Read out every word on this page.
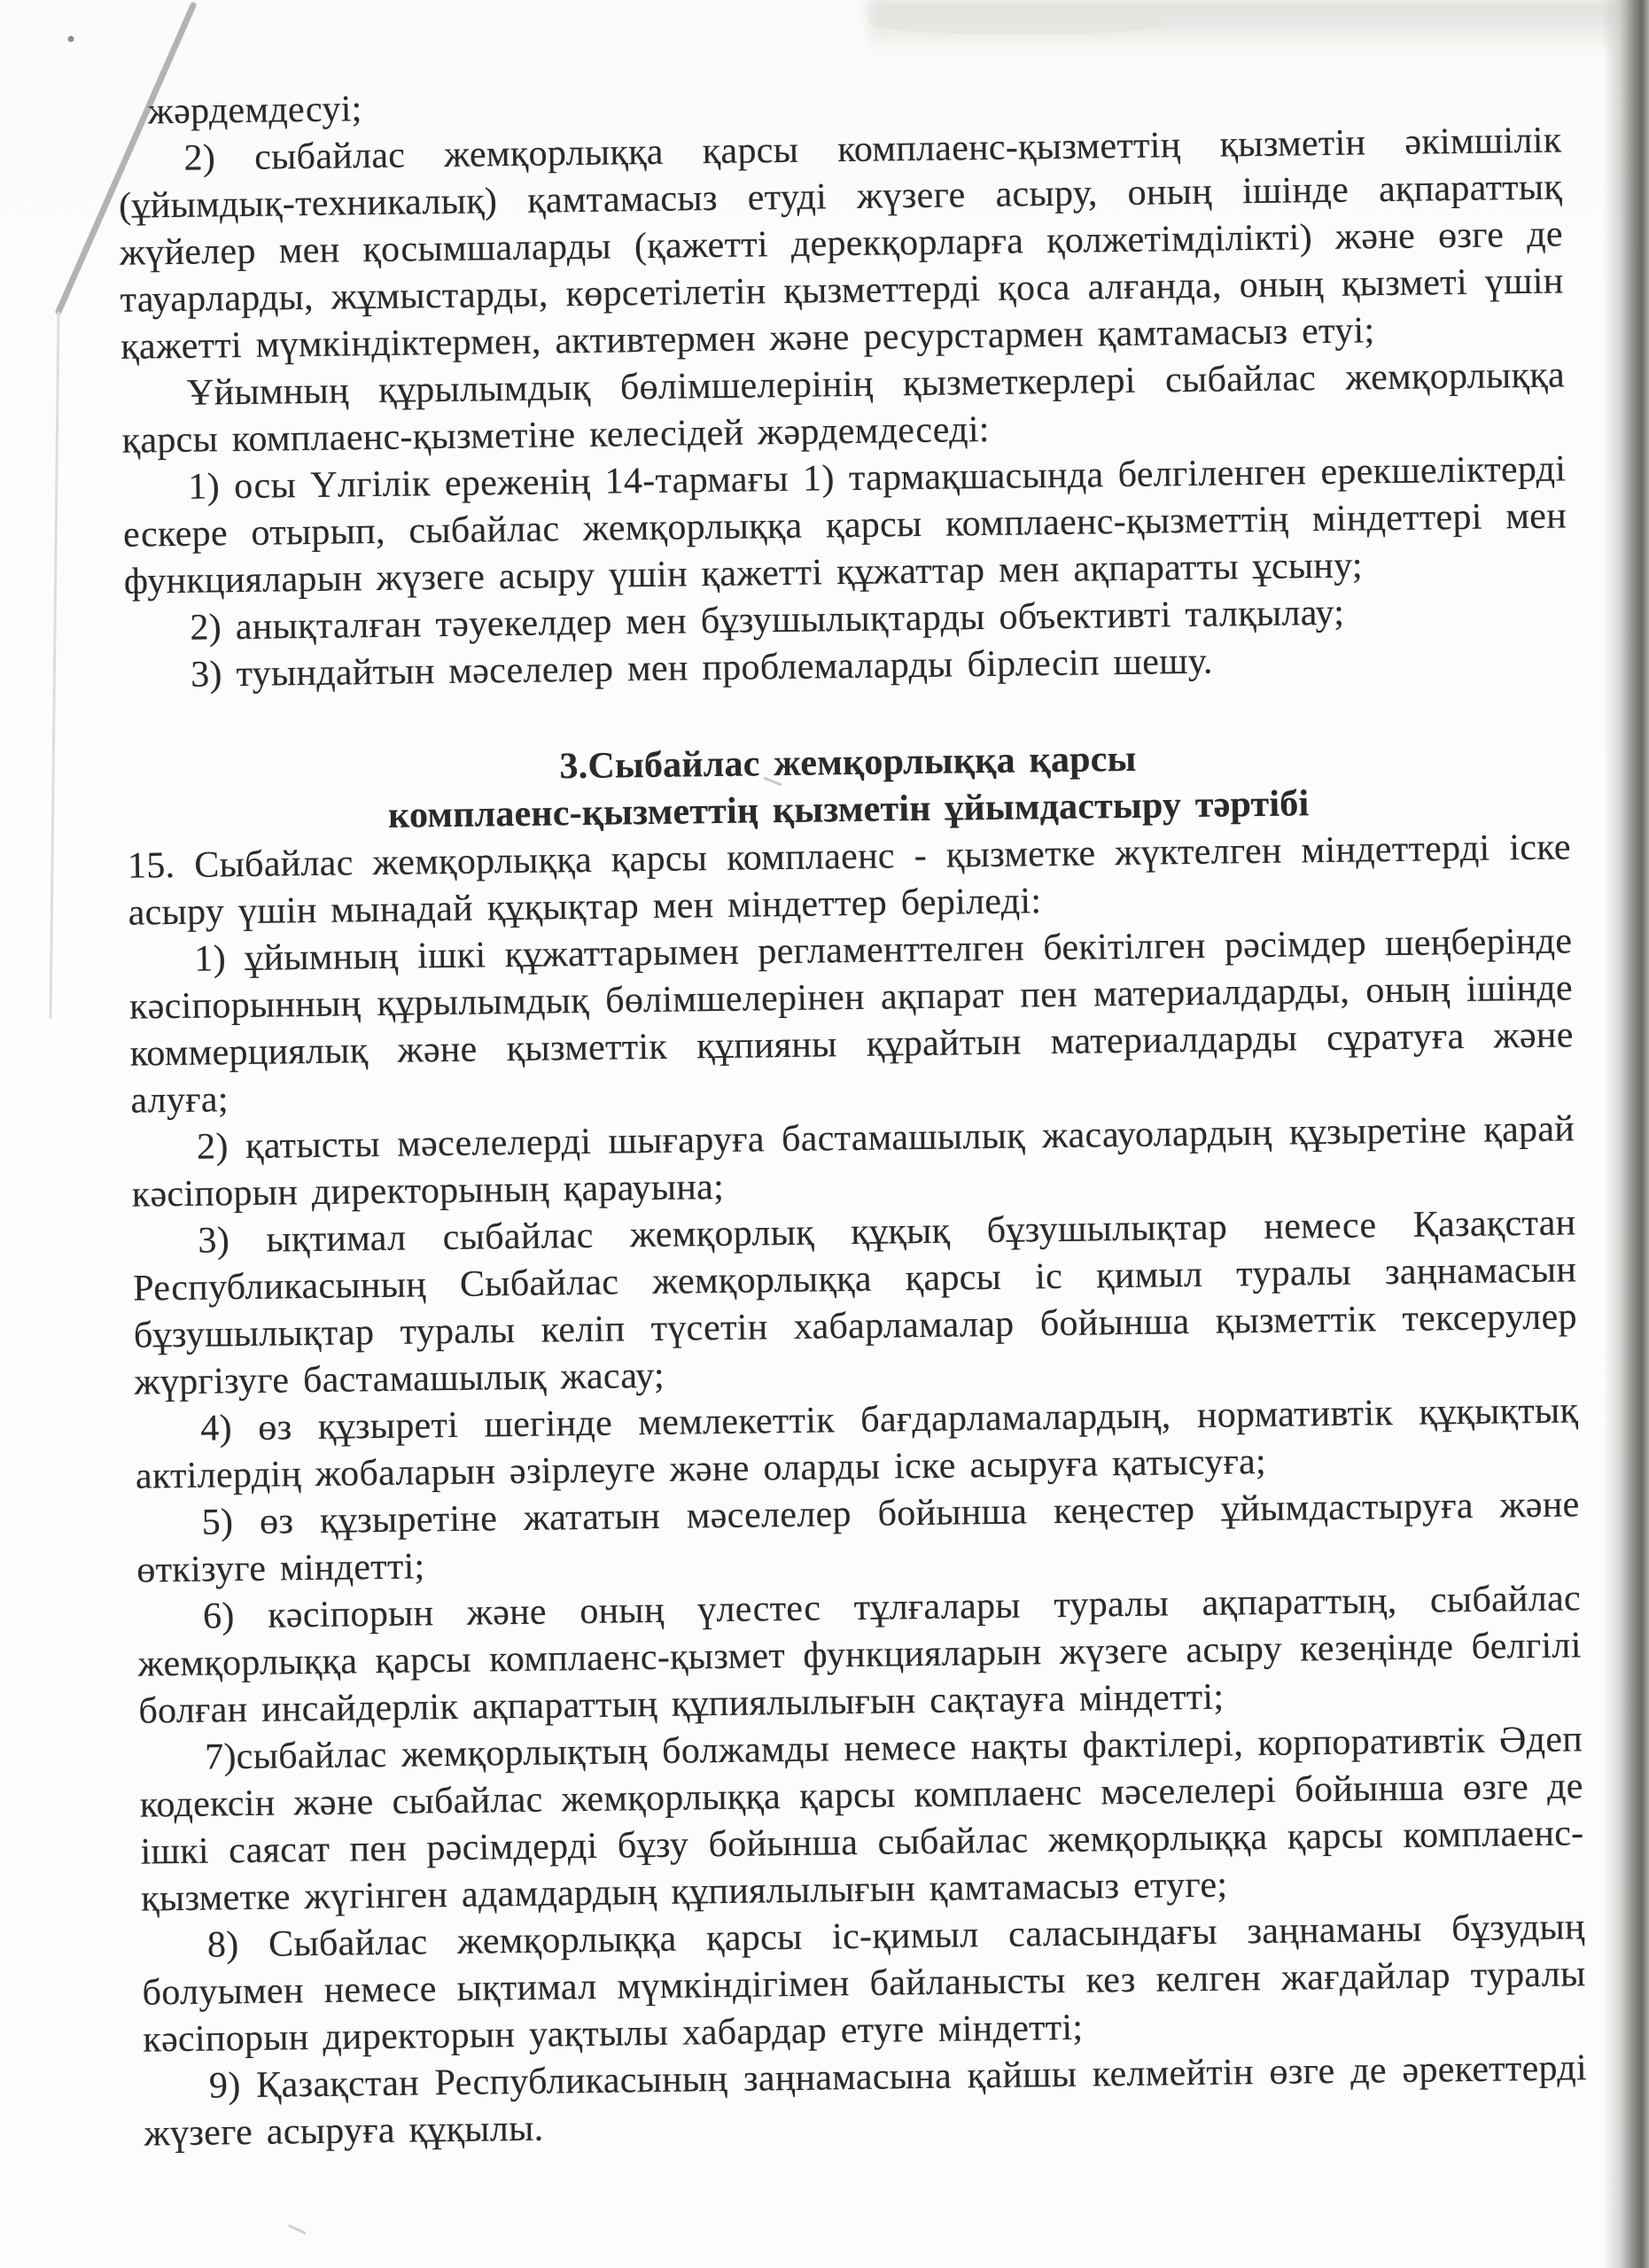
жәрдемдесуі;

2) сыбайлас жемқорлыққа қарсы комплаенс-қызметтің қызметін әкімшілік (ұйымдық-техникалық) қамтамасыз етуді жүзеге асыру, оның ішінде ақпараттық жүйелер мен қосымшаларды (қажетті дерекқорларға қолжетімділікті) және өзге де тауарларды, жұмыстарды, көрсетілетін қызметтерді қоса алғанда, оның қызметі үшін қажетті мүмкіндіктермен, активтермен және ресурстармен қамтамасыз етуі;

Ұйымның құрылымдық бөлімшелерінің қызметкерлері сыбайлас жемқорлыққа қарсы комплаенс-қызметіне келесідей жәрдемдеседі:

1) осы Үлгілік ереженің 14-тармағы 1) тармақшасында белгіленген ерекшеліктерді ескере отырып, сыбайлас жемқорлыққа қарсы комплаенс-қызметтің міндеттері мен функцияларын жүзеге асыру үшін қажетті құжаттар мен ақпаратты ұсыну;

2) анықталған тәуекелдер мен бұзушылықтарды объективті талқылау;

3) туындайтын мәселелер мен проблемаларды бірлесіп шешу.

3.Сыбайлас жемқорлыққа қарсы

комплаенс-қызметтің қызметін ұйымдастыру тәртібі

15. Сыбайлас жемқорлыққа қарсы комплаенс - қызметке жүктелген міндеттерді іске асыру үшін мынадай құқықтар мен міндеттер беріледі:

1) ұйымның ішкі құжаттарымен регламенттелген бекітілген рәсімдер шеңберінде кәсіпорынның құрылымдық бөлімшелерінен ақпарат пен материалдарды, оның ішінде коммерциялық және қызметтік құпияны құрайтын материалдарды сұратуға және алуға;

2) қатысты мәселелерді шығаруға бастамашылық жасауолардың құзыретіне қарай кәсіпорын директорының қарауына;

3) ықтимал сыбайлас жемқорлық құқық бұзушылықтар немесе Қазақстан Республикасының Сыбайлас жемқорлыққа қарсы іс қимыл туралы заңнамасын бұзушылықтар туралы келіп түсетін хабарламалар бойынша қызметтік тексерулер жүргізуге бастамашылық жасау;

4) өз құзыреті шегінде мемлекеттік бағдарламалардың, нормативтік құқықтық актілердің жобаларын әзірлеуге және оларды іске асыруға қатысуға;

5) өз құзыретіне жататын мәселелер бойынша кеңестер ұйымдастыруға және өткізуге міндетті;

6) кәсіпорын және оның үлестес тұлғалары туралы ақпараттың, сыбайлас жемқорлыққа қарсы комплаенс-қызмет функцияларын жүзеге асыру кезеңінде белгілі болған инсайдерлік ақпараттың құпиялылығын сақтауға міндетті;

7)сыбайлас жемқорлықтың болжамды немесе нақты фактілері, корпоративтік Әдеп кодексін және сыбайлас жемқорлыққа қарсы комплаенс мәселелері бойынша өзге де ішкі саясат пен рәсімдерді бұзу бойынша сыбайлас жемқорлыққа қарсы комплаенс-қызметке жүгінген адамдардың құпиялылығын қамтамасыз етуге;

8) Сыбайлас жемқорлыққа қарсы іс-қимыл саласындағы заңнаманы бұзудың болуымен немесе ықтимал мүмкіндігімен байланысты кез келген жағдайлар туралы кәсіпорын директорын уақтылы хабардар етуге міндетті;

9) Қазақстан Республикасының заңнамасына қайшы келмейтін өзге де әрекеттерді жүзеге асыруға құқылы.
